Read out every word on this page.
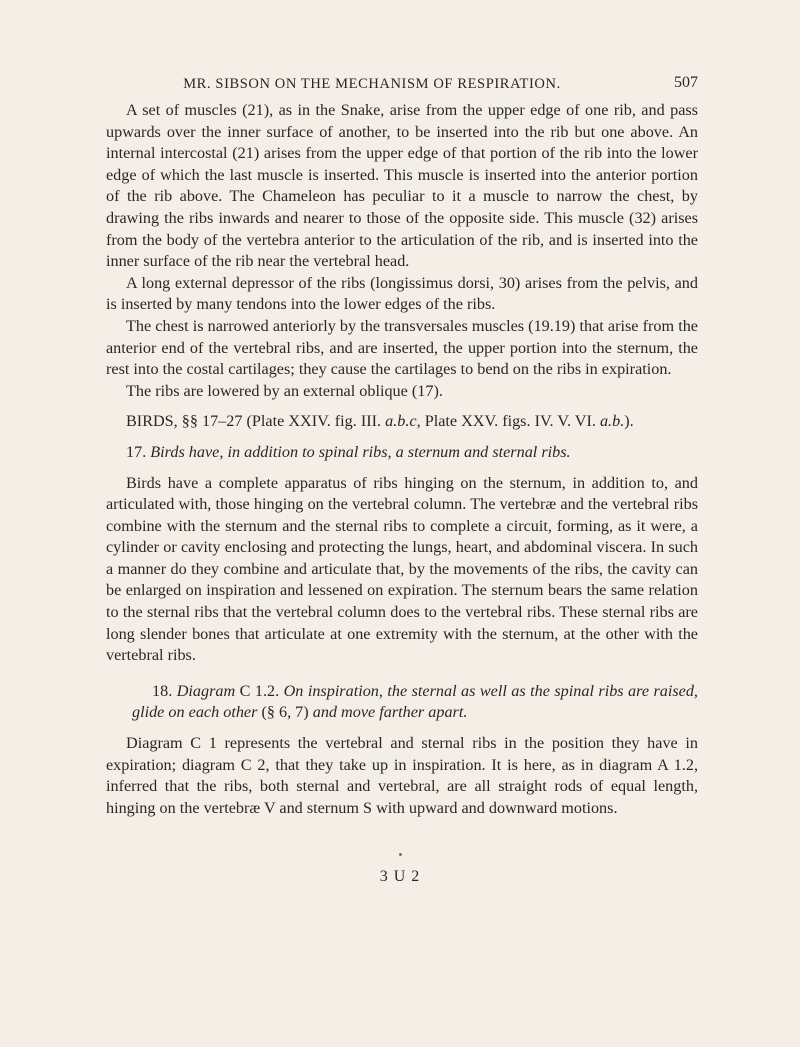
MR. SIBSON ON THE MECHANISM OF RESPIRATION.	507

A set of muscles (21), as in the Snake, arise from the upper edge of one rib, and pass upwards over the inner surface of another, to be inserted into the rib but one above. An internal intercostal (21) arises from the upper edge of that portion of the rib into the lower edge of which the last muscle is inserted. This muscle is inserted into the anterior portion of the rib above. The Chameleon has peculiar to it a muscle to narrow the chest, by drawing the ribs inwards and nearer to those of the opposite side. This muscle (32) arises from the body of the vertebra anterior to the articulation of the rib, and is inserted into the inner surface of the rib near the vertebral head.

A long external depressor of the ribs (longissimus dorsi, 30) arises from the pelvis, and is inserted by many tendons into the lower edges of the ribs.

The chest is narrowed anteriorly by the transversales muscles (19.19) that arise from the anterior end of the vertebral ribs, and are inserted, the upper portion into the sternum, the rest into the costal cartilages; they cause the cartilages to bend on the ribs in expiration.

The ribs are lowered by an external oblique (17).

BIRDS, §§ 17–27 (Plate XXIV. fig. III. a.b.c, Plate XXV. figs. IV. V. VI. a.b.).

17. Birds have, in addition to spinal ribs, a sternum and sternal ribs.

Birds have a complete apparatus of ribs hinging on the sternum, in addition to, and articulated with, those hinging on the vertebral column. The vertebræ and the vertebral ribs combine with the sternum and the sternal ribs to complete a circuit, forming, as it were, a cylinder or cavity enclosing and protecting the lungs, heart, and abdominal viscera. In such a manner do they combine and articulate that, by the movements of the ribs, the cavity can be enlarged on inspiration and lessened on expiration. The sternum bears the same relation to the sternal ribs that the vertebral column does to the vertebral ribs. These sternal ribs are long slender bones that articulate at one extremity with the sternum, at the other with the vertebral ribs.

18. Diagram C 1.2. On inspiration, the sternal as well as the spinal ribs are raised, glide on each other (§ 6, 7) and move farther apart.

Diagram C 1 represents the vertebral and sternal ribs in the position they have in expiration; diagram C 2, that they take up in inspiration. It is here, as in diagram A 1.2, inferred that the ribs, both sternal and vertebral, are all straight rods of equal length, hinging on the vertebræ V and sternum S with upward and downward motions.

3 U 2
